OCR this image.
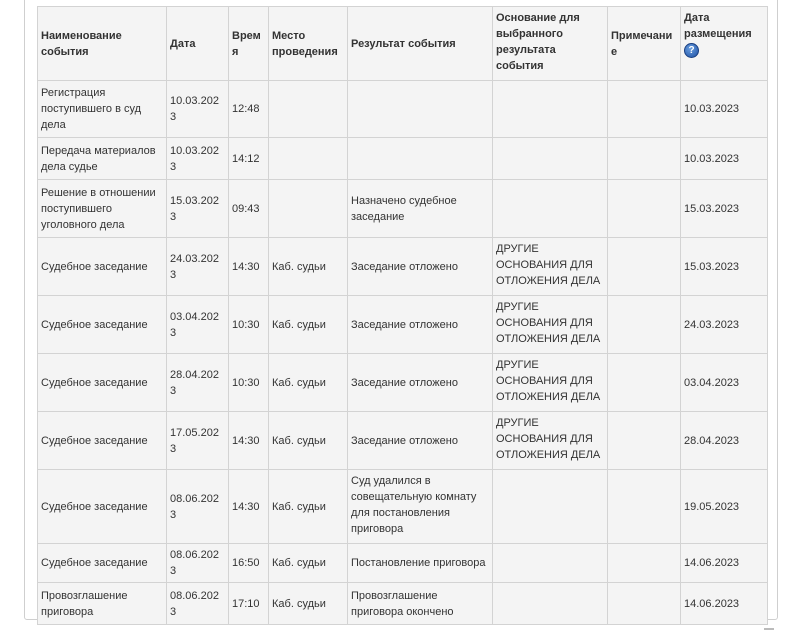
Наименование события	Дата	Время	Место проведения	Результат события	Основание для выбранного результата события	Примечание	Дата размещения
?
Регистрация поступившего в суд дела	10.03.2023	12:48					10.03.2023
Передача материалов дела судье	10.03.2023	14:12					10.03.2023
Решение в отношении поступившего уголовного дела	15.03.2023	09:43		Назначено судебное заседание			15.03.2023
Судебное заседание	24.03.2023	14:30	Каб. судьи	Заседание отложено	ДРУГИЕ ОСНОВАНИЯ ДЛЯ ОТЛОЖЕНИЯ ДЕЛА		15.03.2023
Судебное заседание	03.04.2023	10:30	Каб. судьи	Заседание отложено	ДРУГИЕ ОСНОВАНИЯ ДЛЯ ОТЛОЖЕНИЯ ДЕЛА		24.03.2023
Судебное заседание	28.04.2023	10:30	Каб. судьи	Заседание отложено	ДРУГИЕ ОСНОВАНИЯ ДЛЯ ОТЛОЖЕНИЯ ДЕЛА		03.04.2023
Судебное заседание	17.05.2023	14:30	Каб. судьи	Заседание отложено	ДРУГИЕ ОСНОВАНИЯ ДЛЯ ОТЛОЖЕНИЯ ДЕЛА		28.04.2023
Судебное заседание	08.06.2023	14:30	Каб. судьи	Суд удалился в совещательную комнату для постановления приговора			19.05.2023
Судебное заседание	08.06.2023	16:50	Каб. судьи	Постановление приговора			14.06.2023
Провозглашение приговора	08.06.2023	17:10	Каб. судьи	Провозглашение приговора окончено			14.06.2023
